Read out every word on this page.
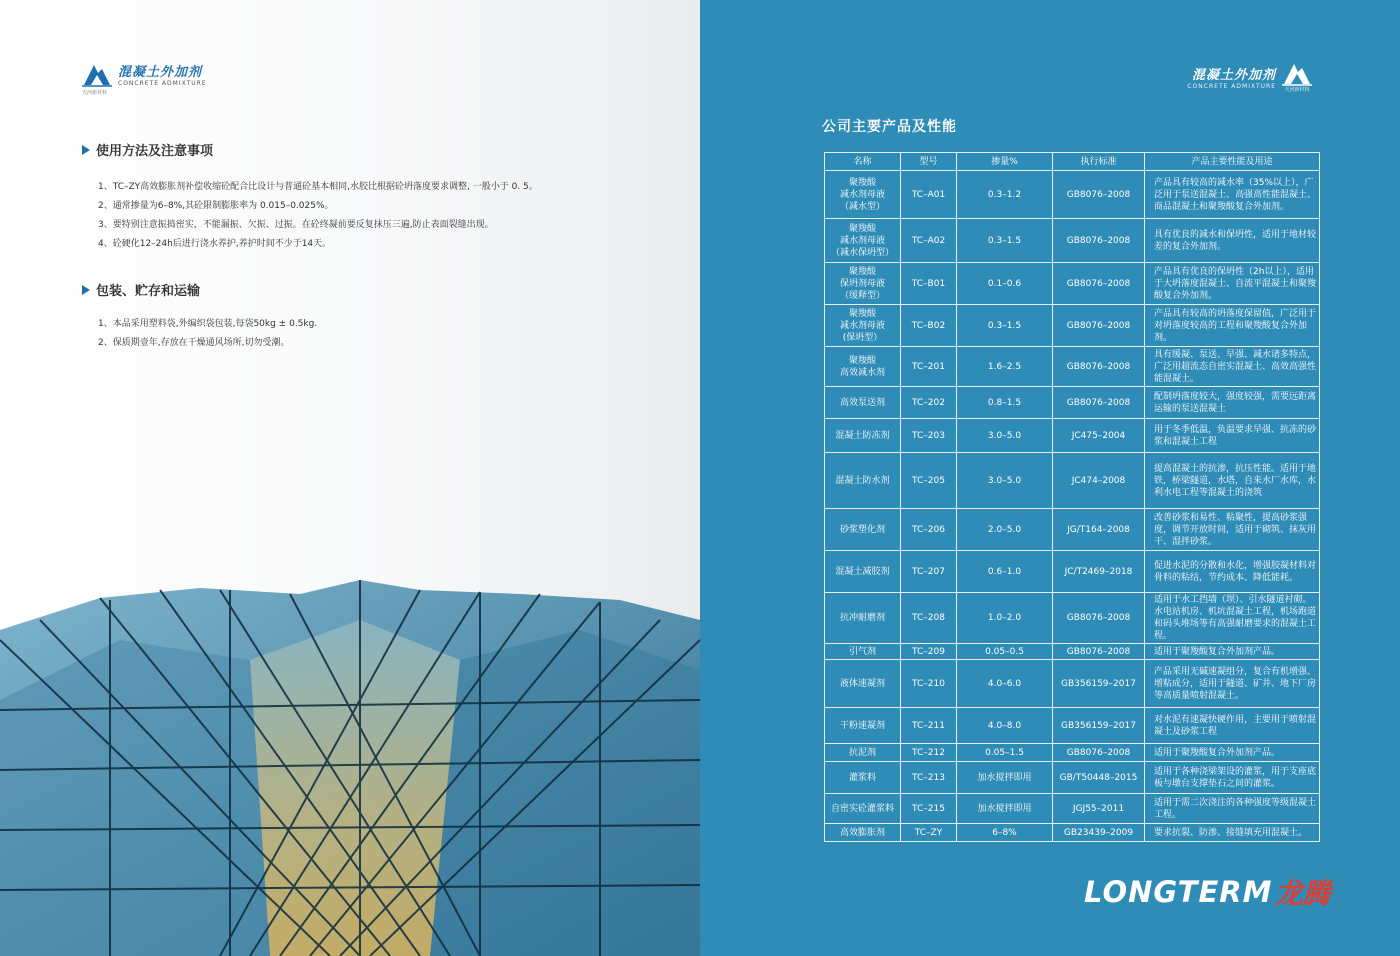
混凝土外加剂
CONCRETE ADMIXTURE
天河新材料
使用方法及注意事项
1、TC–ZY高效膨胀剂补偿收缩砼配合比设计与普通砼基本相同,水胶比根据砼坍落度要求调整, 一般小于 0. 5。
2、通常掺量为6–8%,其砼限制膨胀率为 0.015–0.025%。
3、要特别注意振捣密实，不能漏振、欠振、过振。在砼终凝前要反复抹压三遍,防止表面裂缝出现。
4、砼硬化12–24h后进行浇水养护,养护时间不少于14天。
包装、贮存和运输
1、本品采用塑料袋,外编织袋包装,每袋50kg ± 0.5kg.
2、保质期壹年,存放在干燥通风场所,切勿受潮。
混凝土外加剂
CONCRETE ADMIXTURE
天河新材料
公司主要产品及性能
名称	型号	掺量%	执行标准	产品主要性能及用途
聚羧酸
减水剂母液
（减水型）	TC–A01	0.3–1.2	GB8076–2008	产品具有较高的减水率（35%以上），广泛用于泵送混凝土、高强高性能混凝土、商品混凝土和聚羧酸复合外加剂。
聚羧酸
减水剂母液
（减水保坍型）	TC–A02	0.3–1.5	GB8076–2008	具有优良的减水和保坍性，适用于地材较差的复合外加剂。
聚羧酸
保坍剂母液
（缓释型）	TC–B01	0.1–0.6	GB8076–2008	产品具有优良的保坍性（2h以上），适用于大坍落度混凝土、自流平混凝土和聚羧酸复合外加剂。
聚羧酸
减水剂母液
(保坍型）	TC–B02	0.3–1.5	GB8076–2008	产品具有较高的坍落度保留值，广泛用于对坍落度较高的工程和聚羧酸复合外加剂。
聚羧酸
高效减水剂	TC–201	1.6–2.5	GB8076–2008	具有缓凝、泵送、早强、减水诸多特点，广泛用超流态自密实混凝土、高效高强性能混凝土。
高效泵送剂	TC–202	0.8–1.5	GB8076–2008	配制坍落度较大，强度较强，需要远距离运输的泵送混凝土
混凝土防冻剂	TC–203	3.0–5.0	JC475–2004	用于冬季低温，负温要求早强、抗冻的砂浆和混凝土工程
混凝土防水剂	TC–205	3.0–5.0	JC474–2008	提高混凝土的抗渗，抗压性能。适用于地铁，桥梁隧道，水塔，自来水厂水库，水利水电工程等混凝土的浇筑
砂浆塑化剂	TC–206	2.0–5.0	JG/T164–2008	改善砂浆和易性、粘聚性，提高砂浆强度，调节开放时间，适用于砌筑、抹灰用干、湿拌砂浆。
混凝土减胶剂	TC–207	0.6–1.0	JC/T2469–2018	促进水泥的分散和水化，增强胶凝材料对骨料的粘结，节约成本、降低能耗。
抗冲耐磨剂	TC–208	1.0–2.0	GB8076–2008	适用于水工挡墙（坝）、引水隧道衬砌。水电站机房、机坑混凝土工程，机场跑道和码头堆场等有高强耐磨要求的混凝土工程。
引气剂	TC–209	0.05–0.5	GB8076–2008	适用于聚羧酸复合外加剂产品。
液体速凝剂	TC–210	4.0–6.0	GB356159–2017	产品采用无碱速凝组分，复合有机增强、增粘成分，适用于隧道、矿井、地下厂房等高质量喷射混凝土。
干粉速凝剂	TC–211	4.0–8.0	GB356159–2017	对水泥有速凝快硬作用，主要用于喷射混凝土及砂浆工程
抗泥剂	TC–212	0.05–1.5	GB8076–2008	适用于聚羧酸复合外加剂产品。
灌浆料	TC–213	加水搅拌即用	GB/T50448–2015	适用于各种浇梁架设的灌浆，用于支座底板与墩台支撑垫石之间的灌浆。
自密实砼灌浆料	TC–215	加水搅拌即用	JGJ55–2011	适用于需二次浇注的各种强度等级混凝土工程。
高效膨胀剂	TC–ZY	6–8%	GB23439–2009	要求抗裂、防渗、接缝填充用混凝土。
LONGTERM 龙腾
